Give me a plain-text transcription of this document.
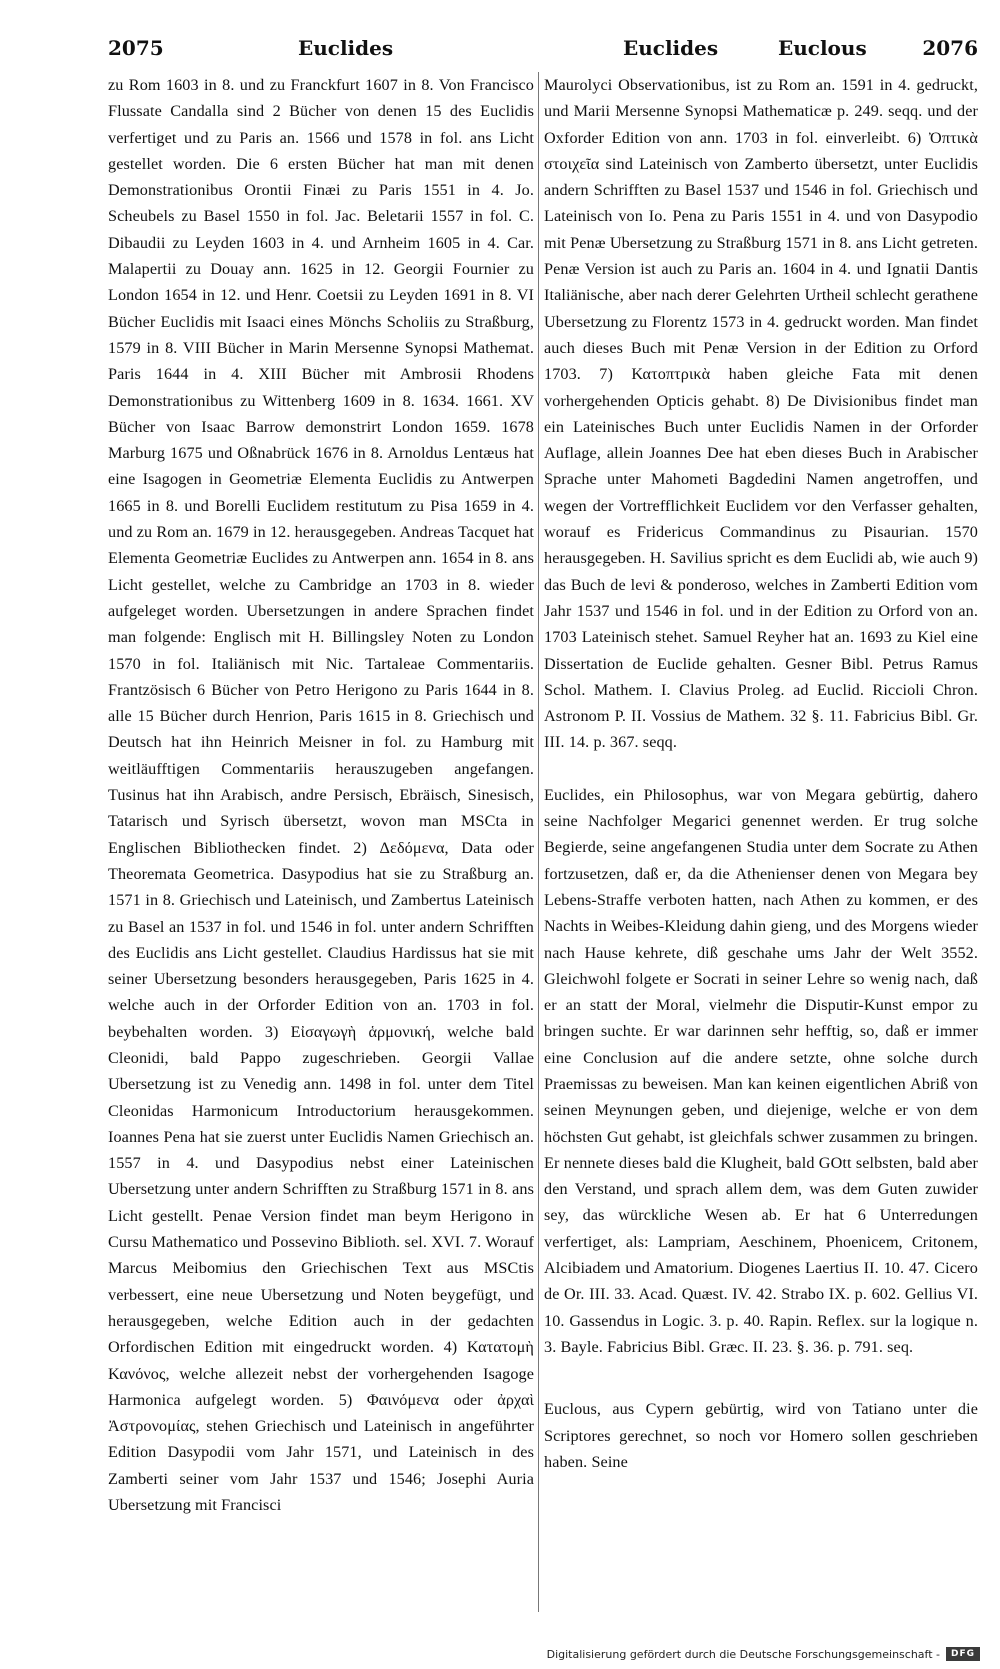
2075	Euclides	Euclides	Euclous	2076

zu Rom 1603 in 8. und zu Franckfurt 1607 in 8. Von Francisco Flussate Candalla sind 2 Bücher von denen 15 des Euclidis verfertiget und zu Paris an. 1566 und 1578 in fol. ans Licht gestellet worden. Die 6 ersten Bücher hat man mit denen Demonstrationibus Orontii Finæi zu Paris 1551 in 4. Jo. Scheubels zu Basel 1550 in fol. Jac. Beletarii 1557 in fol. C. Dibaudii zu Leyden 1603 in 4. und Arnheim 1605 in 4. Car. Malapertii zu Douay ann. 1625 in 12. Georgii Fournier zu London 1654 in 12. und Henr. Coetsii zu Leyden 1691 in 8. VI Bücher Euclidis mit Isaaci eines Mönchs Scholiis zu Straßburg, 1579 in 8. VIII Bücher in Marin Mersenne Synopsi Mathemat. Paris 1644 in 4. XIII Bücher mit Ambrosii Rhodens Demonstrationibus zu Wittenberg 1609 in 8. 1634. 1661. XV Bücher von Isaac Barrow demonstrirt London 1659. 1678 Marburg 1675 und Oßnabrück 1676 in 8. Arnoldus Lentæus hat eine Isagogen in Geometriæ Elementa Euclidis zu Antwerpen 1665 in 8. und Borelli Euclidem restitutum zu Pisa 1659 in 4. und zu Rom an. 1679 in 12. herausgegeben. Andreas Tacquet hat Elementa Geometriæ Euclides zu Antwerpen ann. 1654 in 8. ans Licht gestellet, welche zu Cambridge an 1703 in 8. wieder aufgeleget worden. Ubersetzungen in andere Sprachen findet man folgende: Englisch mit H. Billingsley Noten zu London 1570 in fol. Italiänisch mit Nic. Tartaleae Commentariis. Frantzösisch 6 Bücher von Petro Herigono zu Paris 1644 in 8. alle 15 Bücher durch Henrion, Paris 1615 in 8. Griechisch und Deutsch hat ihn Heinrich Meisner in fol. zu Hamburg mit weitläufftigen Commentariis herauszugeben angefangen. Tusinus hat ihn Arabisch, andre Persisch, Ebräisch, Sinesisch, Tatarisch und Syrisch übersetzt, wovon man MSCta in Englischen Bibliothecken findet. 2) Δεδόμενα, Data oder Theoremata Geometrica. Dasypodius hat sie zu Straßburg an. 1571 in 8. Griechisch und Lateinisch, und Zambertus Lateinisch zu Basel an 1537 in fol. und 1546 in fol. unter andern Schrifften des Euclidis ans Licht gestellet. Claudius Hardissus hat sie mit seiner Ubersetzung besonders herausgegeben, Paris 1625 in 4. welche auch in der Orforder Edition von an. 1703 in fol. beybehalten worden. 3) Εἰσαγωγὴ ἁρμονική, welche bald Cleonidi, bald Pappo zugeschrieben. Georgii Vallae Ubersetzung ist zu Venedig ann. 1498 in fol. unter dem Titel Cleonidas Harmonicum Introductorium herausgekommen. Ioannes Pena hat sie zuerst unter Euclidis Namen Griechisch an. 1557 in 4. und Dasypodius nebst einer Lateinischen Ubersetzung unter andern Schrifften zu Straßburg 1571 in 8. ans Licht gestellt. Penae Version findet man beym Herigono in Cursu Mathematico und Possevino Biblioth. sel. XVI. 7. Worauf Marcus Meibomius den Griechischen Text aus MSCtis verbessert, eine neue Ubersetzung und Noten beygefügt, und herausgegeben, welche Edition auch in der gedachten Orfordischen Edition mit eingedruckt worden. 4) Κατατομὴ Κανόνος, welche allezeit nebst der vorhergehenden Isagoge Harmonica aufgelegt worden. 5) Φαινόμενα oder ἀρχαὶ Ἀστρονομίας, stehen Griechisch und Lateinisch in angeführter Edition Dasypodii vom Jahr 1571, und Lateinisch in des Zamberti seiner vom Jahr 1537 und 1546; Josephi Auria Ubersetzung mit Francisci

Maurolyci Observationibus, ist zu Rom an. 1591 in 4. gedruckt, und Marii Mersenne Synopsi Mathematicæ p. 249. seqq. und der Oxforder Edition von ann. 1703 in fol. einverleibt. 6) Ὀπτικὰ στοιχεῖα sind Lateinisch von Zamberto übersetzt, unter Euclidis andern Schrifften zu Basel 1537 und 1546 in fol. Griechisch und Lateinisch von Io. Pena zu Paris 1551 in 4. und von Dasypodio mit Penæ Ubersetzung zu Straßburg 1571 in 8. ans Licht getreten. Penæ Version ist auch zu Paris an. 1604 in 4. und Ignatii Dantis Italiänische, aber nach derer Gelehrten Urtheil schlecht gerathene Ubersetzung zu Florentz 1573 in 4. gedruckt worden. Man findet auch dieses Buch mit Penæ Version in der Edition zu Orford 1703. 7) Κατοπτρικὰ haben gleiche Fata mit denen vorhergehenden Opticis gehabt. 8) De Divisionibus findet man ein Lateinisches Buch unter Euclidis Namen in der Orforder Auflage, allein Joannes Dee hat eben dieses Buch in Arabischer Sprache unter Mahometi Bagdedini Namen angetroffen, und wegen der Vortrefflichkeit Euclidem vor den Verfasser gehalten, worauf es Fridericus Commandinus zu Pisaurian. 1570 herausgegeben. H. Savilius spricht es dem Euclidi ab, wie auch 9) das Buch de levi & ponderoso, welches in Zamberti Edition vom Jahr 1537 und 1546 in fol. und in der Edition zu Orford von an. 1703 Lateinisch stehet. Samuel Reyher hat an. 1693 zu Kiel eine Dissertation de Euclide gehalten. Gesner Bibl. Petrus Ramus Schol. Mathem. I. Clavius Proleg. ad Euclid. Riccioli Chron. Astronom P. II. Vossius de Mathem. 32 §. 11. Fabricius Bibl. Gr. III. 14. p. 367. seqq.

Euclides, ein Philosophus, war von Megara gebürtig, dahero seine Nachfolger Megarici genennet werden. Er trug solche Begierde, seine angefangenen Studia unter dem Socrate zu Athen fortzusetzen, daß er, da die Athenienser denen von Megara bey Lebens-Straffe verboten hatten, nach Athen zu kommen, er des Nachts in Weibes-Kleidung dahin gieng, und des Morgens wieder nach Hause kehrete, diß geschahe ums Jahr der Welt 3552. Gleichwohl folgete er Socrati in seiner Lehre so wenig nach, daß er an statt der Moral, vielmehr die Disputir-Kunst empor zu bringen suchte. Er war darinnen sehr hefftig, so, daß er immer eine Conclusion auf die andere setzte, ohne solche durch Praemissas zu beweisen. Man kan keinen eigentlichen Abriß von seinen Meynungen geben, und diejenige, welche er von dem höchsten Gut gehabt, ist gleichfals schwer zusammen zu bringen. Er nennete dieses bald die Klugheit, bald GOtt selbsten, bald aber den Verstand, und sprach allem dem, was dem Guten zuwider sey, das würckliche Wesen ab. Er hat 6 Unterredungen verfertiget, als: Lampriam, Aeschinem, Phoenicem, Critonem, Alcibiadem und Amatorium. Diogenes Laertius II. 10. 47. Cicero de Or. III. 33. Acad. Quæst. IV. 42. Strabo IX. p. 602. Gellius VI. 10. Gassendus in Logic. 3. p. 40. Rapin. Reflex. sur la logique n. 3. Bayle. Fabricius Bibl. Græc. II. 23. §. 36. p. 791. seq.

Euclous, aus Cypern gebürtig, wird von Tatiano unter die Scriptores gerechnet, so noch vor Homero sollen geschrieben haben. Seine

Digitalisierung gefördert durch die Deutsche Forschungsgemeinschaft -	DFG
